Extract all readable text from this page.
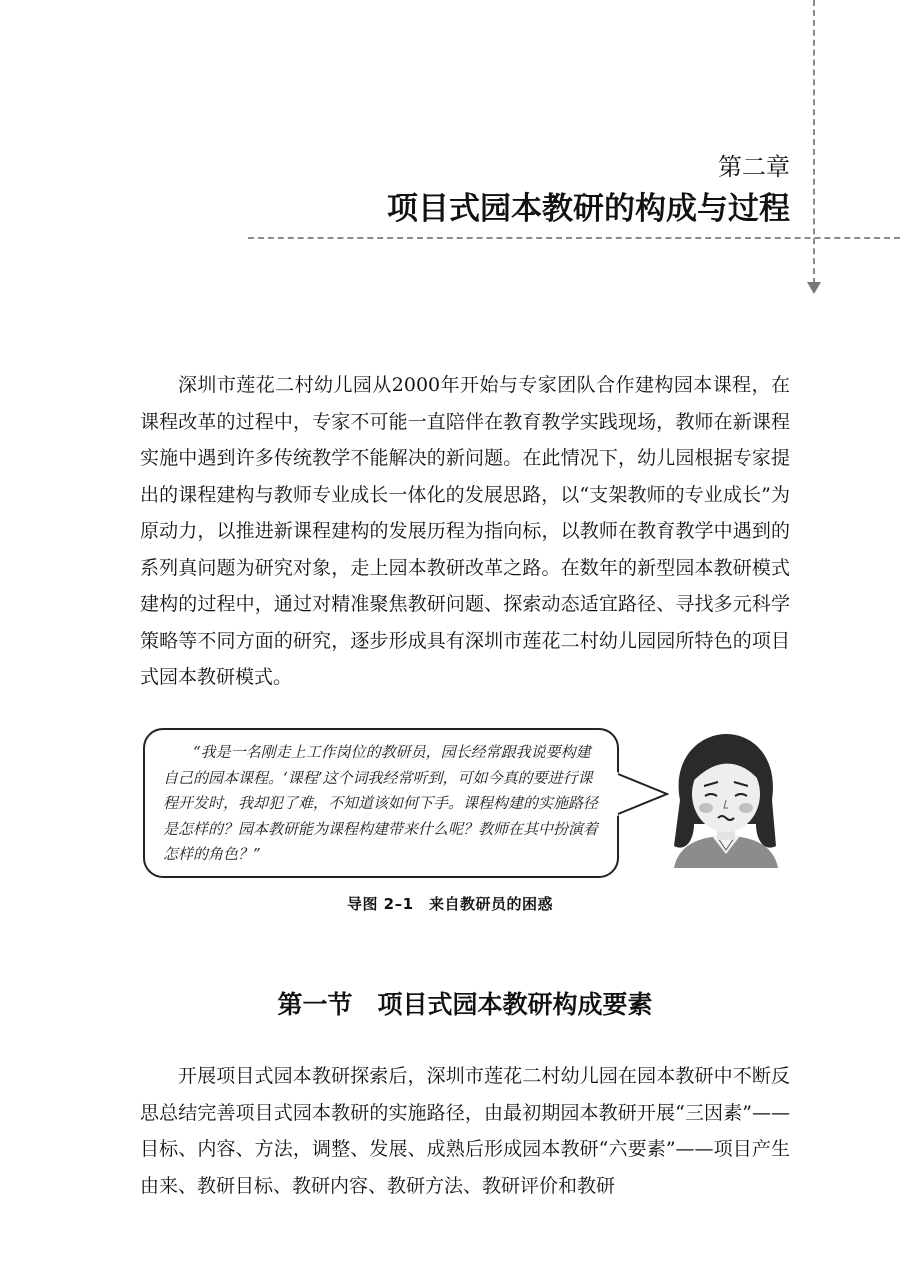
第二章
项目式园本教研的构成与过程

深圳市莲花二村幼儿园从2000年开始与专家团队合作建构园本课程，在课程改革的过程中，专家不可能一直陪伴在教育教学实践现场，教师在新课程实施中遇到许多传统教学不能解决的新问题。在此情况下，幼儿园根据专家提出的课程建构与教师专业成长一体化的发展思路，以“支架教师的专业成长”为原动力，以推进新课程建构的发展历程为指向标，以教师在教育教学中遇到的系列真问题为研究对象，走上园本教研改革之路。在数年的新型园本教研模式建构的过程中，通过对精准聚焦教研问题、探索动态适宜路径、寻找多元科学策略等不同方面的研究，逐步形成具有深圳市莲花二村幼儿园园所特色的项目式园本教研模式。

“我是一名刚走上工作岗位的教研员，园长经常跟我说要构建自己的园本课程。‘课程’这个词我经常听到，可如今真的要进行课程开发时，我却犯了难，不知道该如何下手。课程构建的实施路径是怎样的？园本教研能为课程构建带来什么呢？教师在其中扮演着怎样的角色？”

导图 2–1　来自教研员的困惑
第一节　项目式园本教研构成要素

开展项目式园本教研探索后，深圳市莲花二村幼儿园在园本教研中不断反思总结完善项目式园本教研的实施路径，由最初期园本教研开展“三因素”——目标、内容、方法，调整、发展、成熟后形成园本教研“六要素”——项目产生由来、教研目标、教研内容、教研方法、教研评价和教研
